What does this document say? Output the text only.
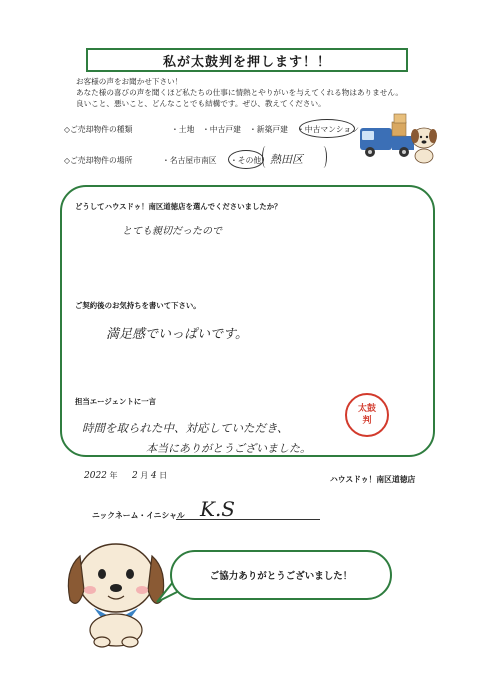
私が太鼓判を押します！！
お客様の声をお聞かせ下さい！
あなた様の喜びの声を聞くほど私たちの仕事に情熱とやりがいを与えてくれる物はありません。
良いこと、悪いこと、どんなことでも結構です。ぜひ、教えてください。
◇ご売却物件の種類	・土地 ・中古戸建 ・新築戸建 ・中古マンション
◇ご売却物件の場所	・名古屋市南区 ・その他 熱田区
どうしてハウスドゥ！南区道徳店を選んでくださいましたか？
とても親切だったので
ご契約後のお気持ちを書いて下さい。
満足感でいっぱいです。
担当エージェントに一言
時間を取られた中、対応していただき、
本当にありがとうございました。
太鼓
判
2022 年 2 月 4 日	ハウスドゥ！南区道徳店
ニックネーム・イニシャル K.S
ご協力ありがとうございました！
